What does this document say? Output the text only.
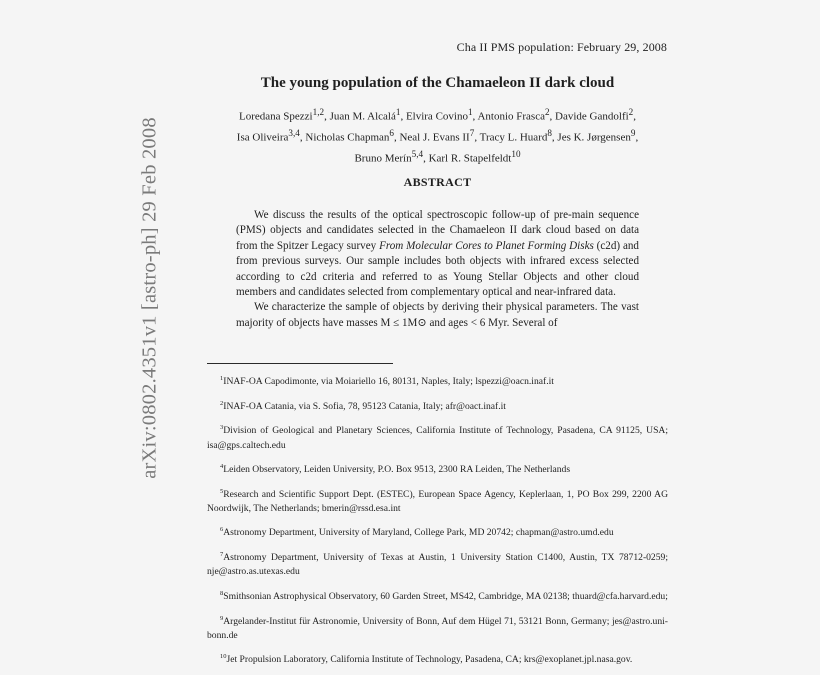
Cha II PMS population: February 29, 2008
arXiv:0802.4351v1 [astro-ph] 29 Feb 2008
The young population of the Chamaeleon II dark cloud
Loredana Spezzi$^{1,2}$, Juan M. Alcalá$^1$, Elvira Covino$^1$, Antonio Frasca$^2$, Davide Gandolfi$^2$,
Isa Oliveira$^{3,4}$, Nicholas Chapman$^6$, Neal J. Evans $II^7$, Tracy L. Huard$^8$, Jes K. Jørgensen$^9$,
Bruno Merín$^{5,4}$, Karl R. Stapelfeldt$^{10}$
ABSTRACT

We discuss the results of the optical spectroscopic follow-up of pre-main sequence (PMS) objects and candidates selected in the Chamaeleon II dark cloud based on data from the Spitzer Legacy survey From Molecular Cores to Planet Forming Disks (c2d) and from previous surveys. Our sample includes both objects with infrared excess selected according to c2d criteria and referred to as Young Stellar Objects and other cloud members and candidates selected from complementary optical and near-infrared data.

We characterize the sample of objects by deriving their physical parameters. The vast majority of objects have masses M ≤ 1M⊙ and ages < 6 Myr. Several of

$^1$INAF-OA Capodimonte, via Moiariello 16, 80131, Naples, Italy; lspezzi@oacn.inaf.it

$^2$INAF-OA Catania, via S. Sofia, 78, 95123 Catania, Italy; afr@oact.inaf.it

$^3$Division of Geological and Planetary Sciences, California Institute of Technology, Pasadena, CA 91125, USA; isa@gps.caltech.edu

$^4$Leiden Observatory, Leiden University, P.O. Box 9513, 2300 RA Leiden, The Netherlands

$^5$Research and Scientific Support Dept. (ESTEC), European Space Agency, Keplerlaan, 1, PO Box 299, 2200 AG Noordwijk, The Netherlands; bmerin@rssd.esa.int

$^6$Astronomy Department, University of Maryland, College Park, MD 20742; chapman@astro.umd.edu

$^7$Astronomy Department, University of Texas at Austin, 1 University Station C1400, Austin, TX 78712-0259; nje@astro.as.utexas.edu

$^8$Smithsonian Astrophysical Observatory, 60 Garden Street, MS42, Cambridge, MA 02138; thuard@cfa.harvard.edu;

$^9$Argelander-Institut für Astronomie, University of Bonn, Auf dem Hügel 71, 53121 Bonn, Germany; jes@astro.uni-bonn.de

$^{10}$Jet Propulsion Laboratory, California Institute of Technology, Pasadena, CA; krs@exoplanet.jpl.nasa.gov.
